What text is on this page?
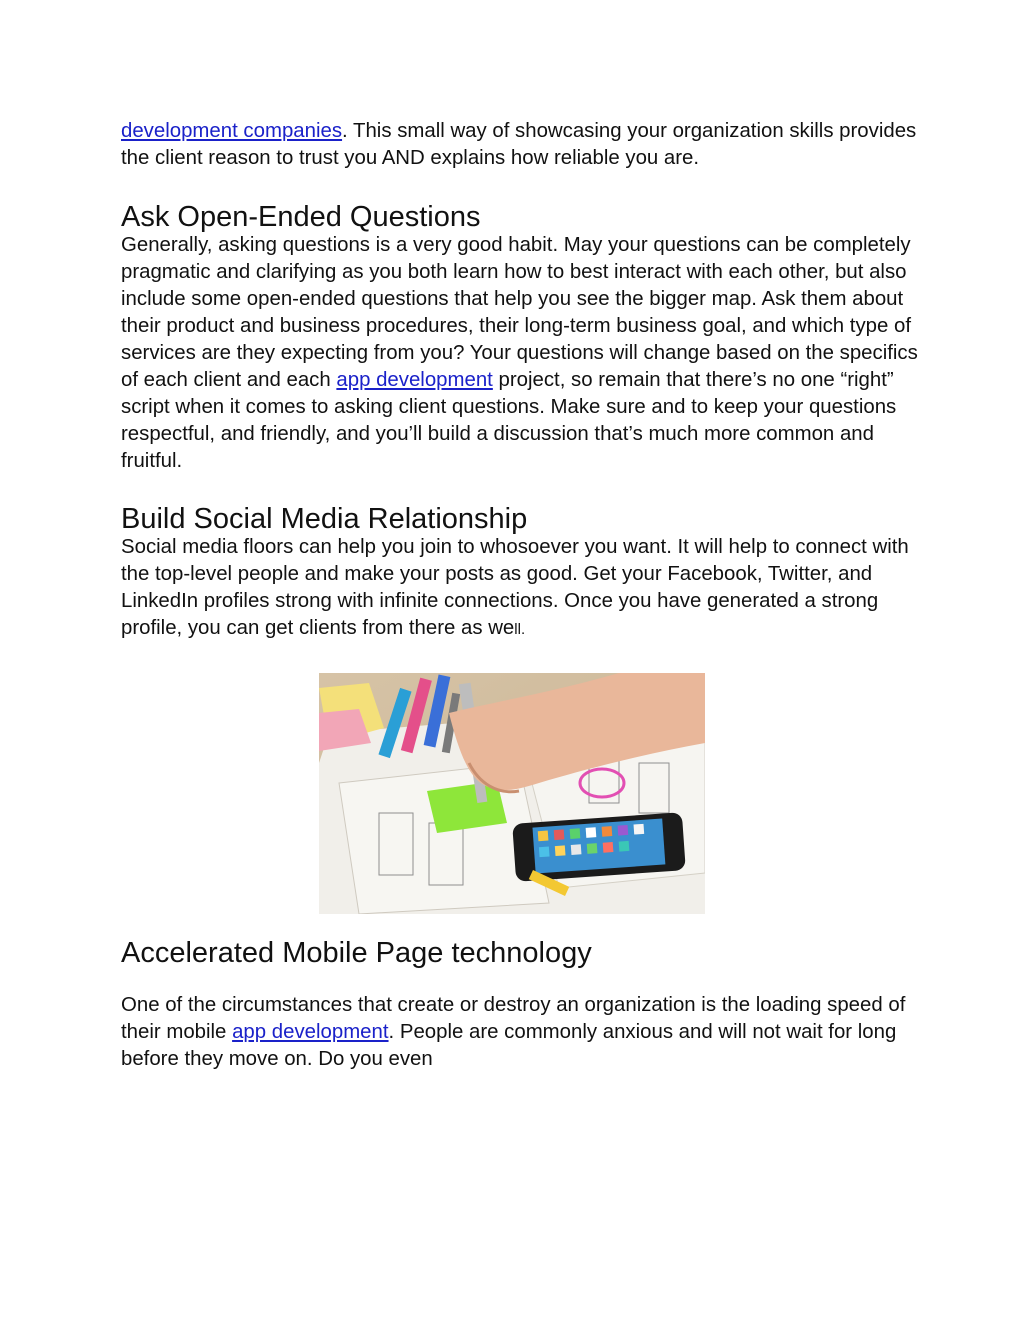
development companies. This small way of showcasing your organization skills provides the client reason to trust you AND explains how reliable you are.

Ask Open-Ended Questions

Generally, asking questions is a very good habit. May your questions can be completely pragmatic and clarifying as you both learn how to best interact with each other, but also include some open-ended questions that help you see the bigger map. Ask them about their product and business procedures, their long-term business goal, and which type of services are they expecting from you? Your questions will change based on the specifics of each client and each app development project, so remain that there’s no one “right” script when it comes to asking client questions. Make sure and to keep your questions respectful, and friendly, and you’ll build a discussion that’s much more common and fruitful.

Build Social Media Relationship

Social media floors can help you join to whosoever you want. It will help to connect with the top-level people and make your posts as good. Get your Facebook, Twitter, and LinkedIn profiles strong with infinite connections. Once you have generated a strong profile, you can get clients from there as well.

Accelerated Mobile Page technology

One of the circumstances that create or destroy an organization is the loading speed of their mobile app development. People are commonly anxious and will not wait for long before they move on. Do you even
